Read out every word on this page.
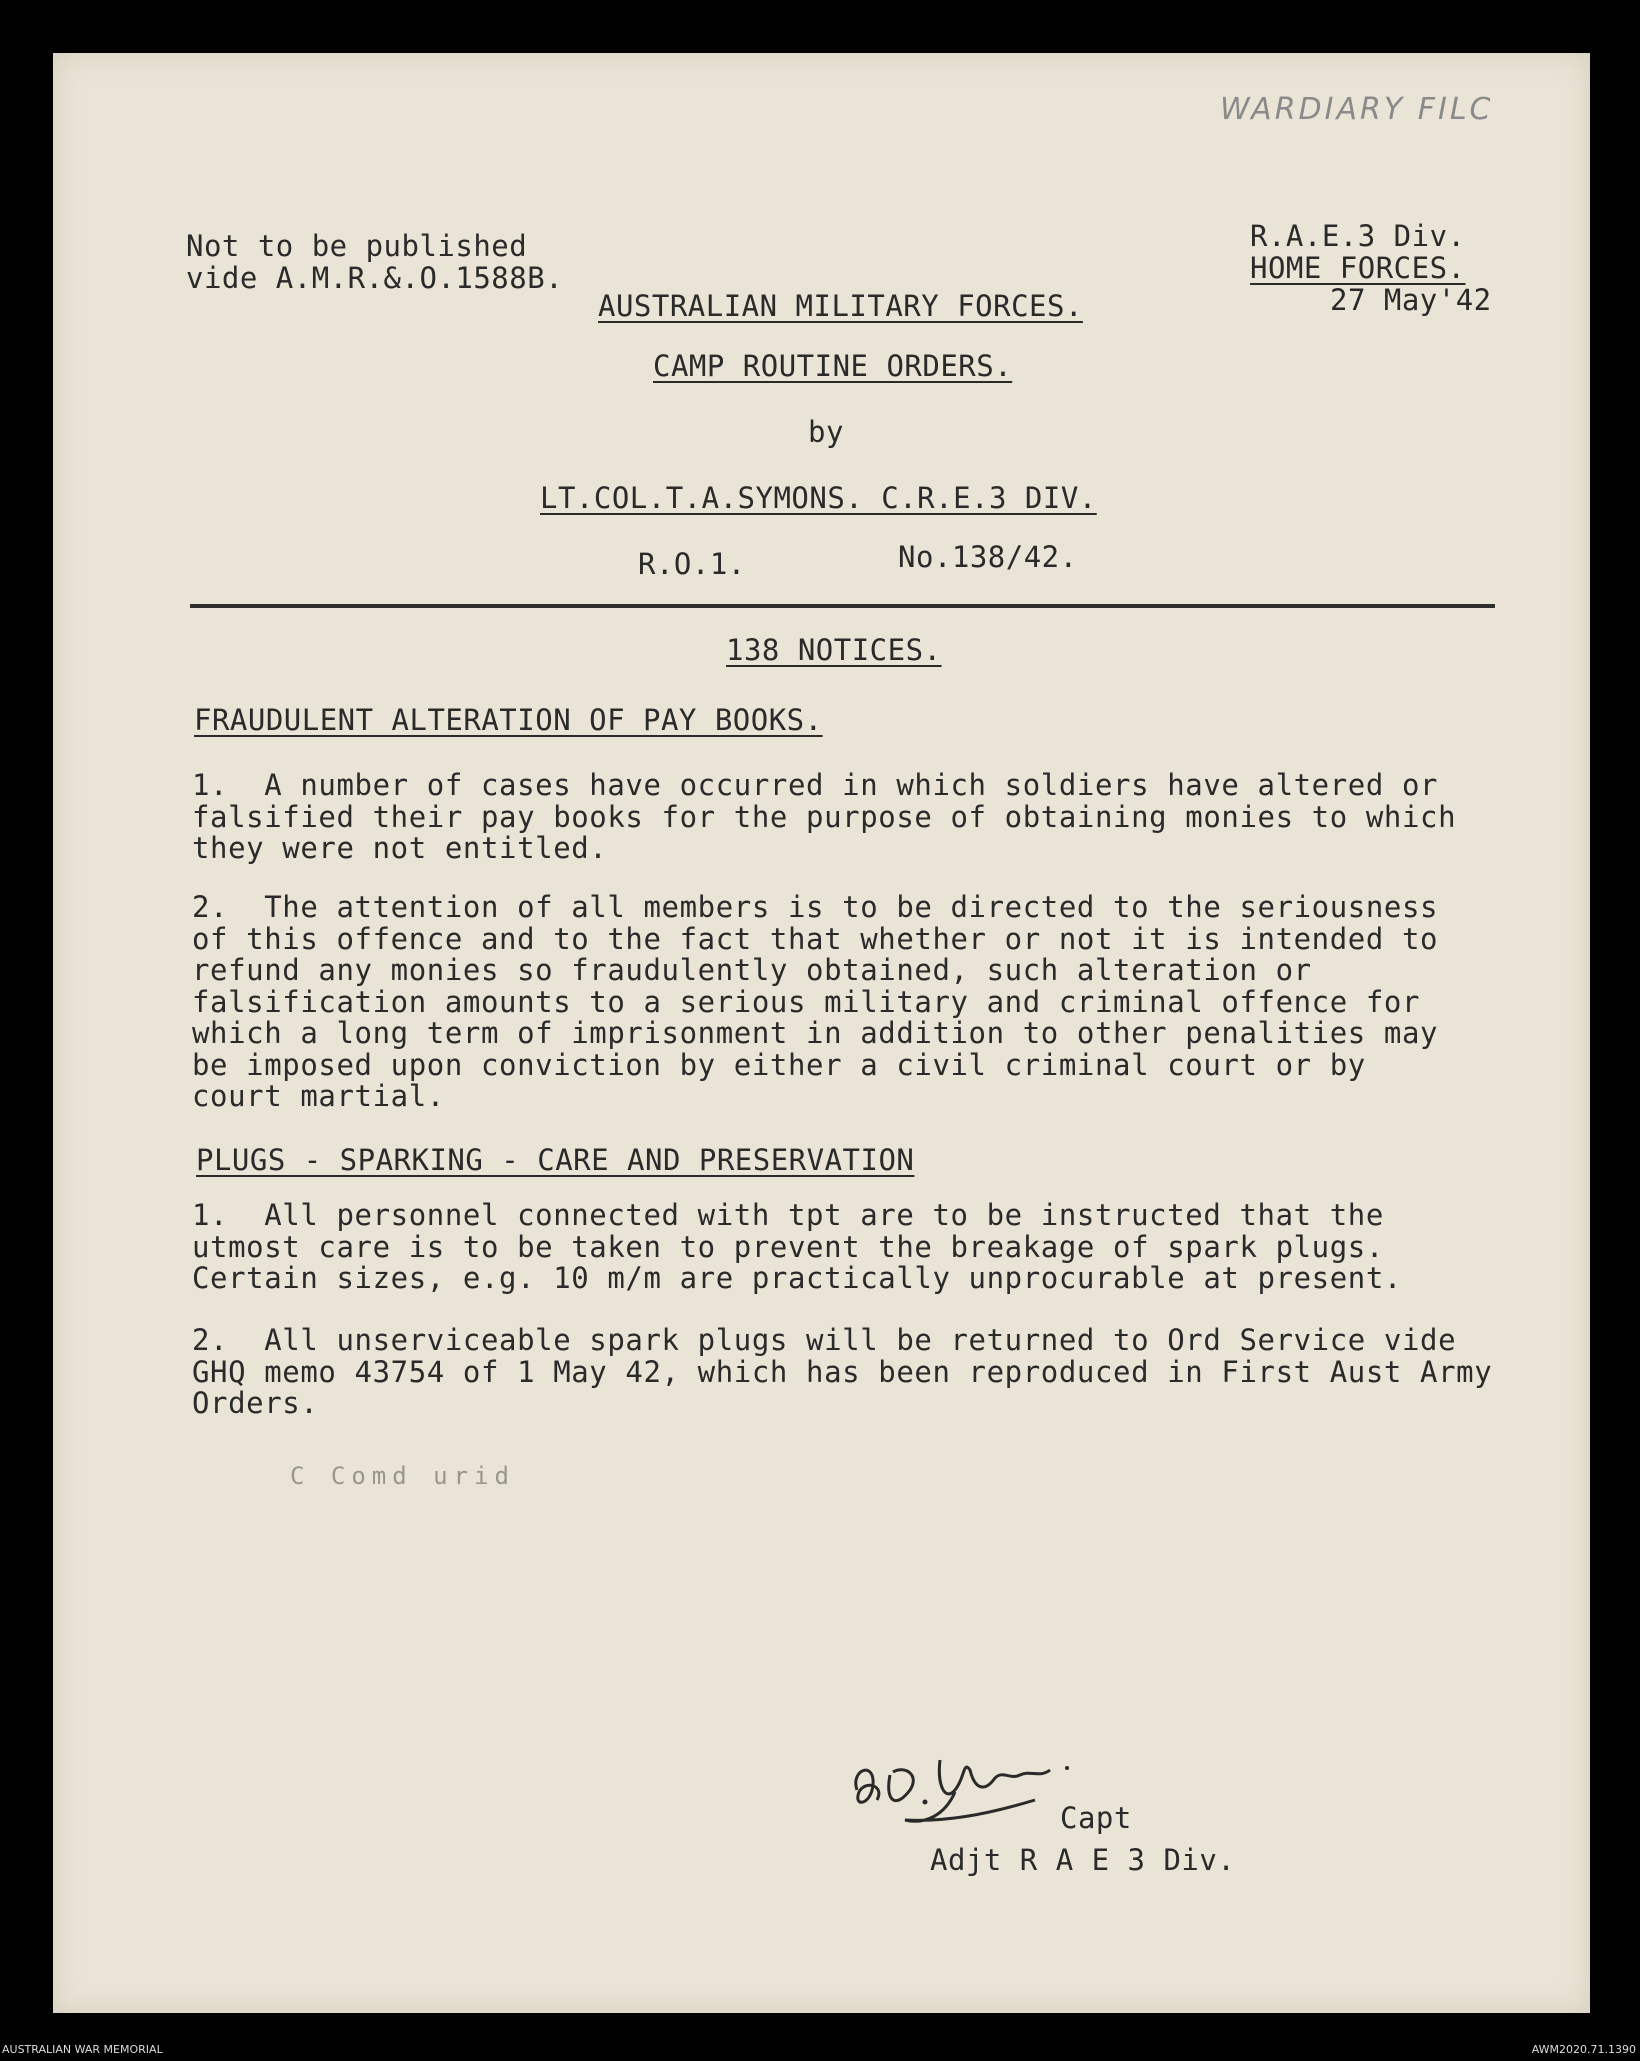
WARDIARY FILC
Not to be published
vide A.M.R.&.O.1588B.
R.A.E.3 Div.
HOME FORCES.
27 May'42
AUSTRALIAN MILITARY FORCES.
CAMP ROUTINE ORDERS.
by
LT.COL.T.A.SYMONS. C.R.E.3 DIV.
R.O.1.	No.138/42.
138 NOTICES.
FRAUDULENT ALTERATION OF PAY BOOKS.
1.  A number of cases have occurred in which soldiers have altered or
falsified their pay books for the purpose of obtaining monies to which
they were not entitled.
2.  The attention of all members is to be directed to the seriousness
of this offence and to the fact that whether or not it is intended to
refund any monies so fraudulently obtained, such alteration or
falsification amounts to a serious military and criminal offence for
which a long term of imprisonment in addition to other penalities may
be imposed upon conviction by either a civil criminal court or by
court martial.
PLUGS - SPARKING - CARE AND PRESERVATION
1.  All personnel connected with tpt are to be instructed that the
utmost care is to be taken to prevent the breakage of spark plugs.
Certain sizes, e.g. 10 m/m are practically unprocurable at present.
2.  All unserviceable spark plugs will be returned to Ord Service vide
GHQ memo 43754 of 1 May 42, which has been reproduced in First Aust Army
Orders.
C Comd urid
Capt
Adjt R A E 3 Div.
AUSTRALIAN WAR MEMORIAL	AWM2020.71.1390
